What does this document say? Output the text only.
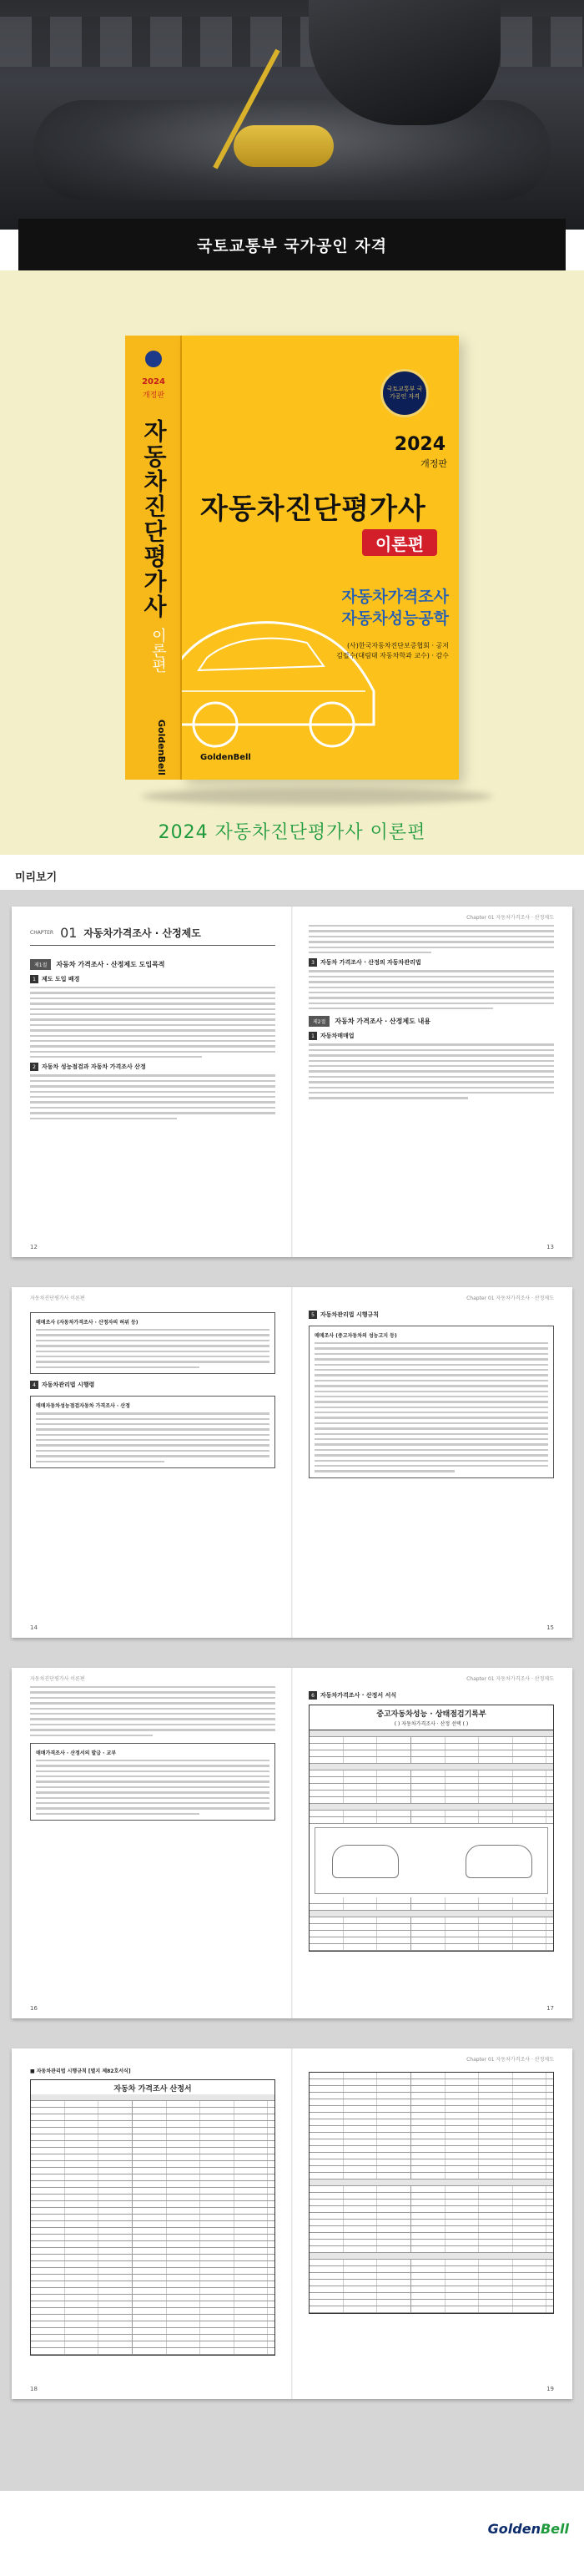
국토교통부 국가공인 자격
2024
개정판
자동차진단평가사
이론편
GoldenBell
국토교통부 국가공인 자격
2024
개정판
자동차진단평가사
이론편
자동차가격조사
자동차성능공학
(사)한국자동차진단보증협회 · 공저
김필수(대림대 자동차학과 교수) · 감수
GoldenBell
2024 자동차진단평가사 이론편
미리보기
CHAPTER 01 자동차가격조사 · 산정제도
제1절	자동차 가격조사 · 산정제도 도입목적
1	제도 도입 배경
2	자동차 성능점검과 자동차 가격조사 산정
12
Chapter 01 자동차가격조사 · 산정제도
3	자동차 가격조사 · 산정의 자동차관리법
제2절	자동차 가격조사 · 산정제도 내용
1	자동차매매업
13
자동차진단평가사 이론편
매매조사 (자동차가격조사 · 산정자의 허위 등)
4	자동차관리법 시행령
매매자동차성능점검자동차 가격조사 · 산정
14
Chapter 01 자동차가격조사 · 산정제도
5	자동차관리법 시행규칙
매매조사 (중고자동차의 성능고지 등)
15
자동차진단평가사 이론편
매매가격조사 · 산정서의 발급 · 교부
16
Chapter 01 자동차가격조사 · 산정제도
6	자동차가격조사 · 산정서 서식
중고자동차성능 · 상태점검기록부
( ) 자동차가격조사 · 산정 선택 ( )
17
■ 자동차관리법 시행규칙 [별지 제82호서식]
자동차 가격조사 산정서
18
Chapter 01 자동차가격조사 · 산정제도
19
GoldenBell
